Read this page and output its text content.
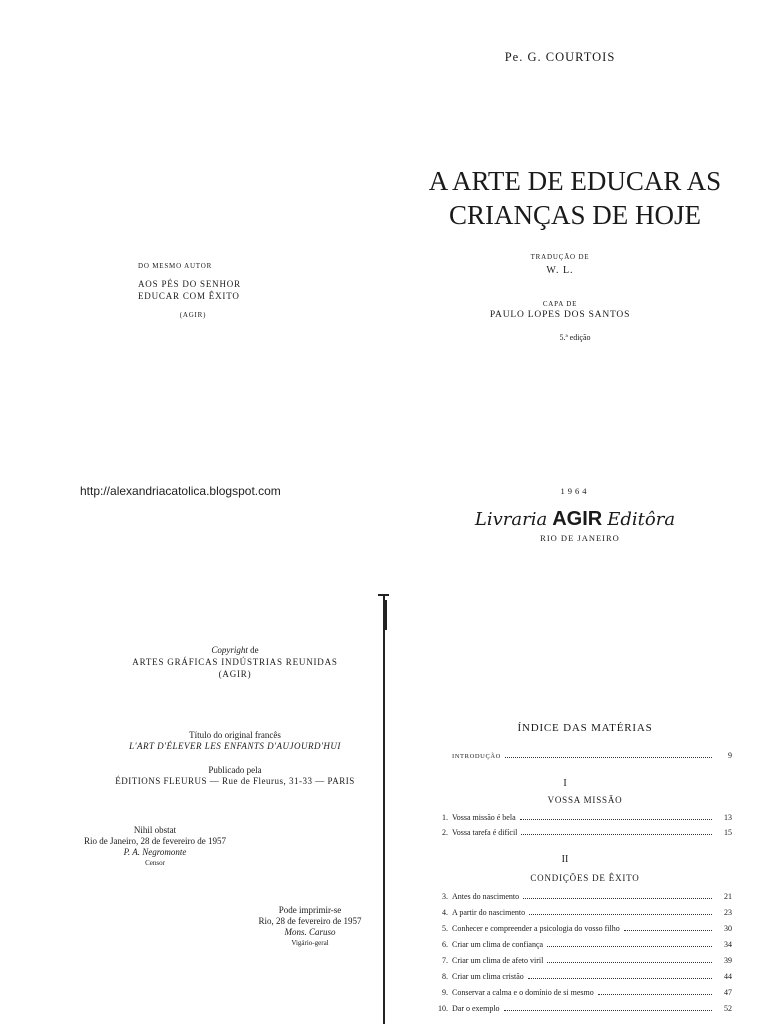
Pe. G. COURTOIS
A ARTE DE EDUCAR AS
CRIANÇAS DE HOJE
TRADUÇÃO DE
W. L.
CAPA DE
PAULO LOPES DOS SANTOS
5.ª edição
1964
Livraria AGIR Editôra
RIO DE JANEIRO
DO MESMO AUTOR
AOS PÉS DO SENHOR
EDUCAR COM ÊXITO
(AGIR)
http://alexandriacatolica.blogspot.com
Copyright de
ARTES GRÁFICAS INDÚSTRIAS REUNIDAS
(AGIR)
Título do original francês
L'ART D'ÉLEVER LES ENFANTS D'AUJOURD'HUI
Publicado pela
ÉDITIONS FLEURUS — Rue de Fleurus, 31-33 — PARIS
Nihil obstat
Rio de Janeiro, 28 de fevereiro de 1957
P. A. Negromonte
Censor
Pode imprimir-se
Rio, 28 de fevereiro de 1957
Mons. Caruso
Vigário-geral
ÍNDICE DAS MATÉRIAS
INTRODUÇÃO	9
I
VOSSA MISSÃO
1. Vossa missão é bela	13
2. Vossa tarefa é difícil	15
II
CONDIÇÕES DE ÊXITO
3. Antes do nascimento	21
4. A partir do nascimento	23
5. Conhecer e compreender a psicologia do vosso filho	30
6. Criar um clima de confiança	34
7. Criar um clima de afeto viril	39
8. Criar um clima cristão	44
9. Conservar a calma e o domínio de si mesmo	47
10. Dar o exemplo	52
